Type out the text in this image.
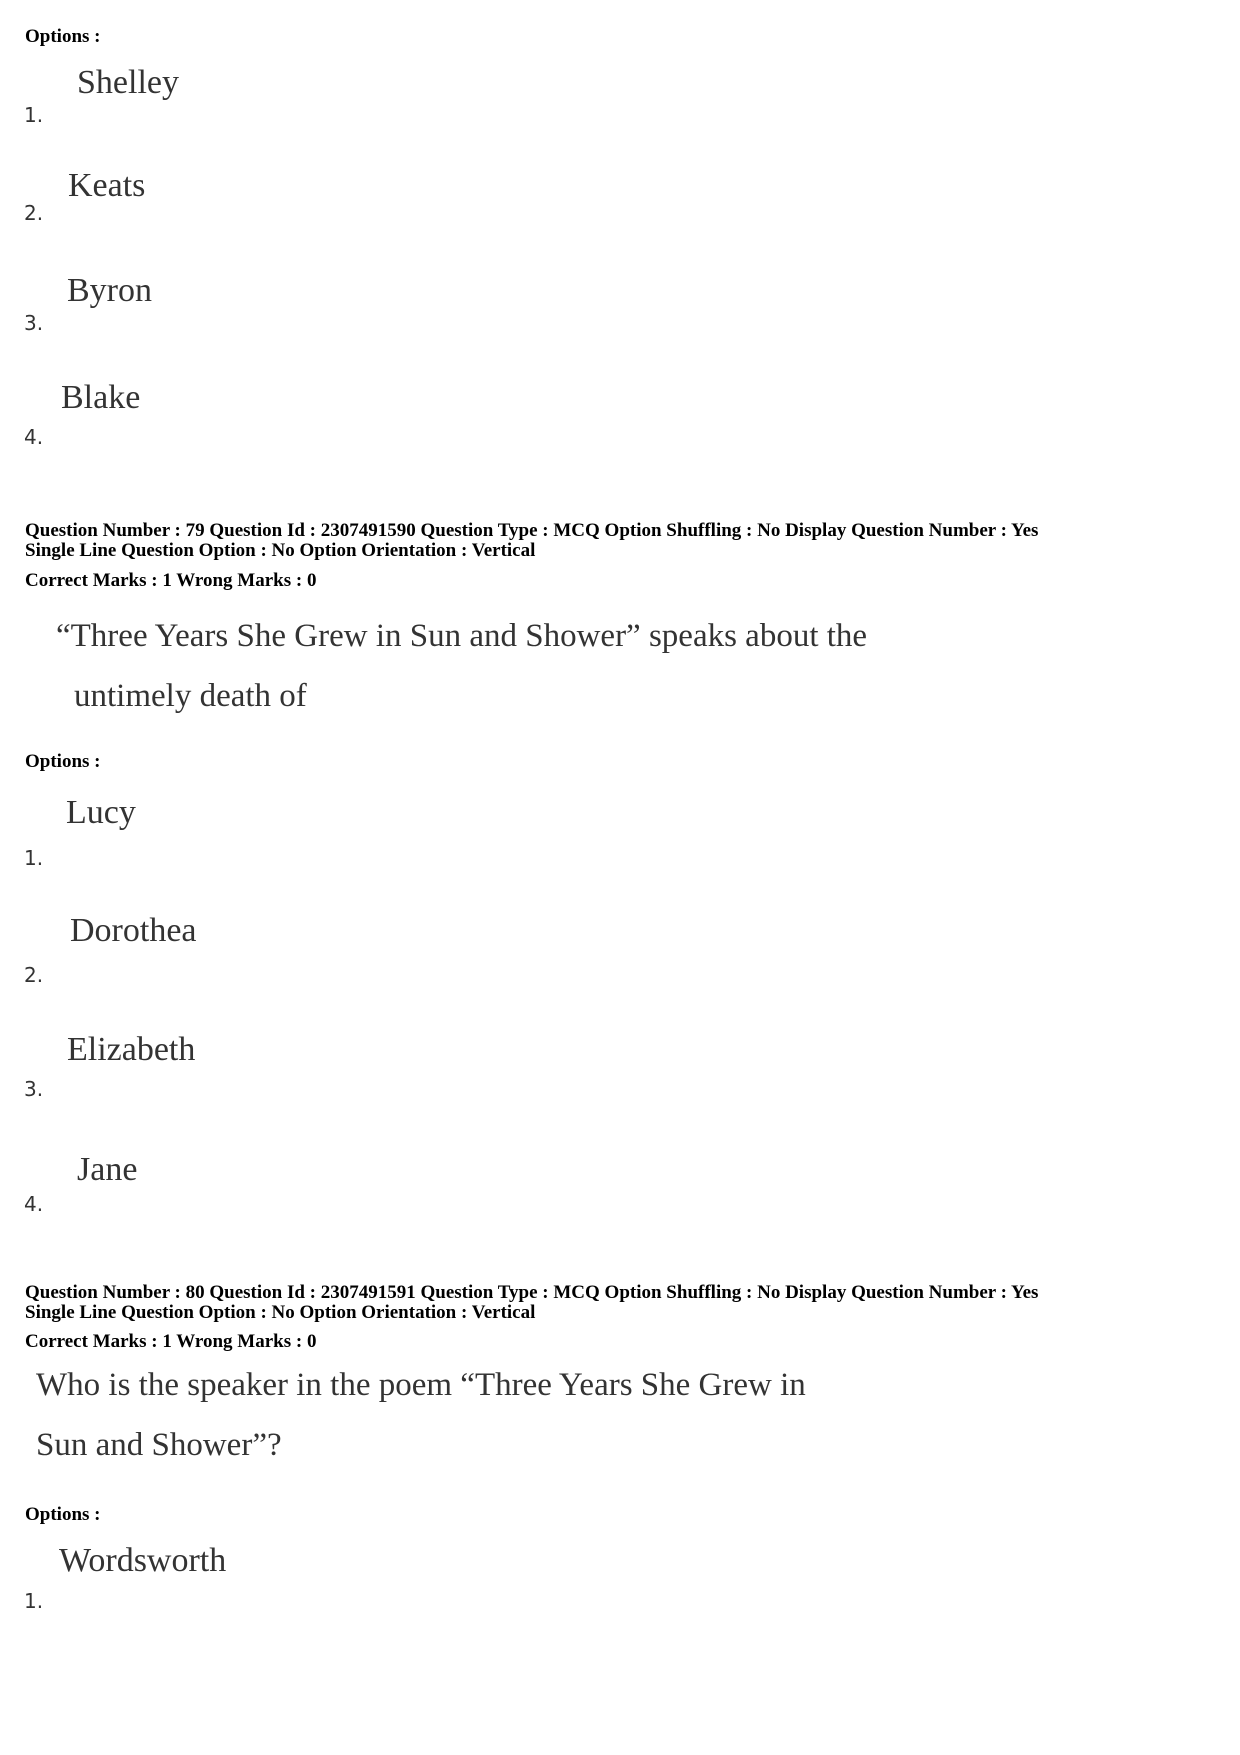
Options :
Shelley
1.
Keats
2.
Byron
3.
Blake
4.
Question Number : 79 Question Id : 2307491590 Question Type : MCQ Option Shuffling : No Display Question Number : Yes
Single Line Question Option : No Option Orientation : Vertical
Correct Marks : 1 Wrong Marks : 0
“Three Years She Grew in Sun and Shower” speaks about the
untimely death of
Options :
Lucy
1.
Dorothea
2.
Elizabeth
3.
Jane
4.
Question Number : 80 Question Id : 2307491591 Question Type : MCQ Option Shuffling : No Display Question Number : Yes
Single Line Question Option : No Option Orientation : Vertical
Correct Marks : 1 Wrong Marks : 0
Who is the speaker in the poem “Three Years She Grew in
Sun and Shower”?
Options :
Wordsworth
1.
